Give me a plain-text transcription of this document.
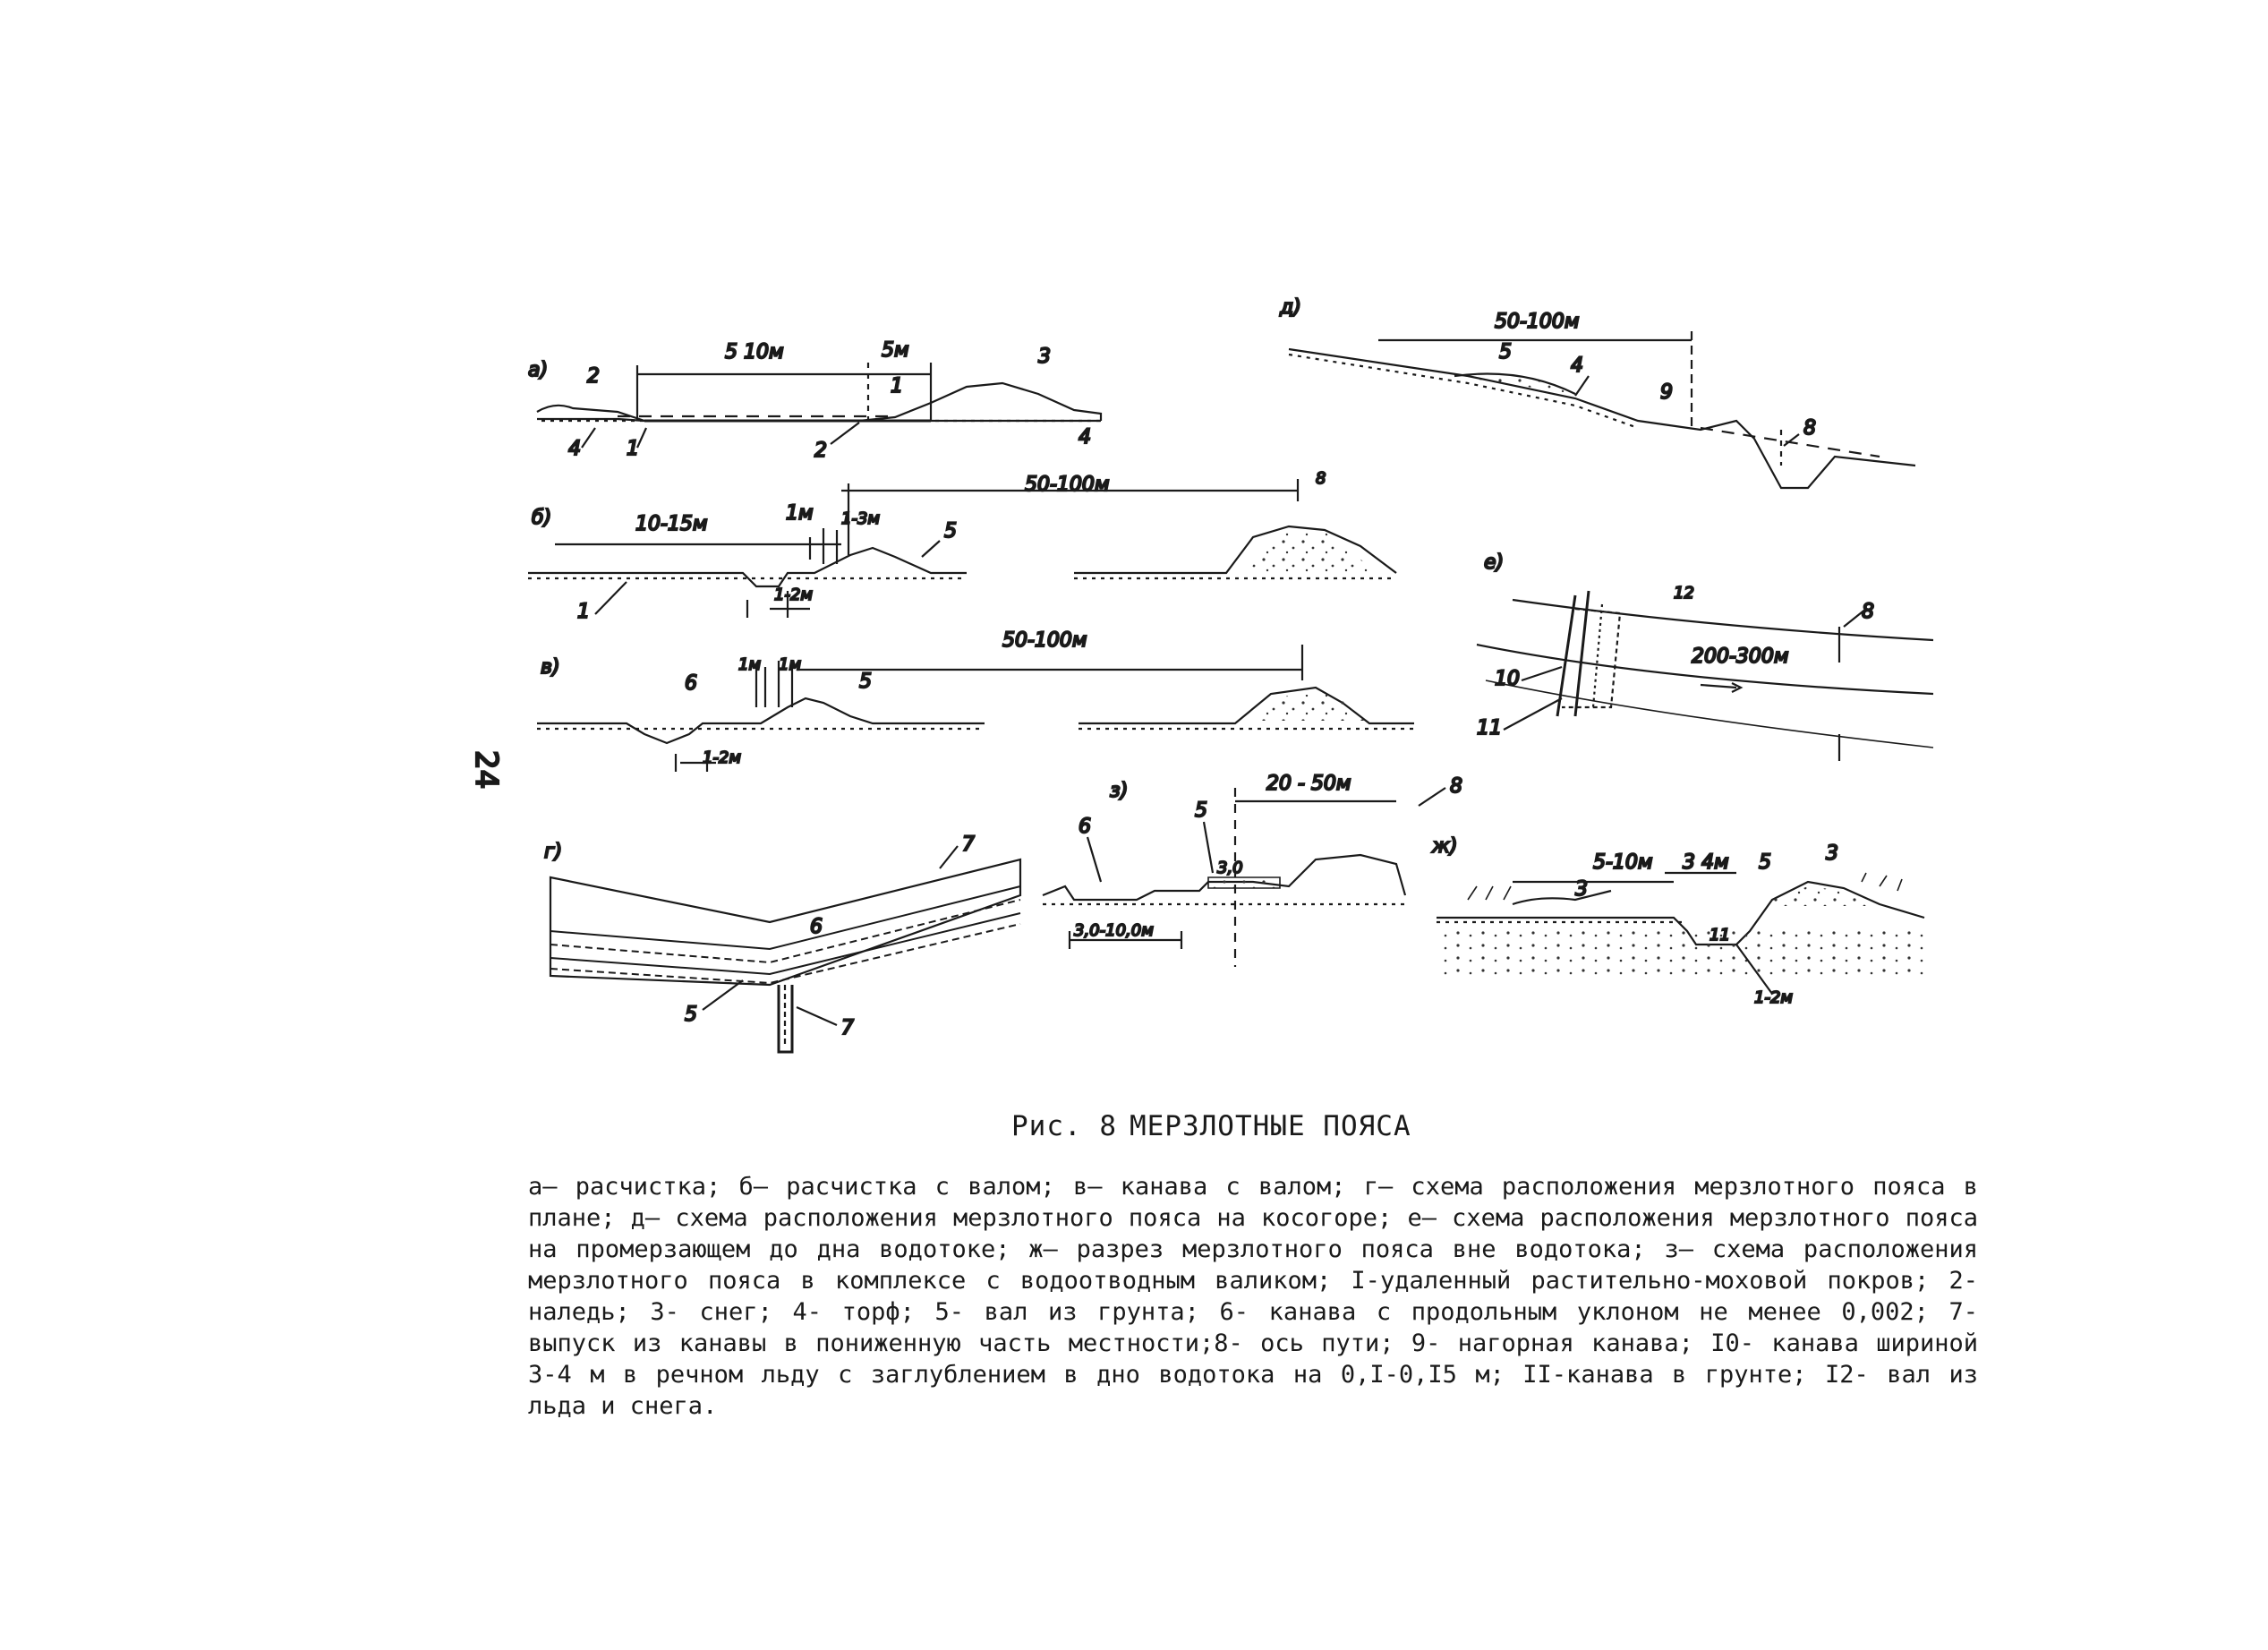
а)
5 10м	5м
2	1
3
4 1	2
4
б)	10-15м	1м 1-3м
50-100м
1-2м
5
1
8
в)	1м 1м
50-100м
1-2м
6	5
г)	7
6
5
7
д)
50-100м
5
4
9
8
е)
12
200-300м
8
10
11
з)	20 - 50м
3,0-10,0м
3,0
6
5
8
ж)
5-10м 3 4м
1-2м
3
5	3
11
24
Рис. 8 МЕРЗЛОТНЫЕ ПОЯСА
а– расчистка; б– расчистка с валом; в– канава с валом; г– схема расположения мерзлотного пояса в плане; д– схема расположения мерзлотного пояса на косогоре; е– схема расположения мерзлотного пояса на промерзающем до дна водотоке; ж– разрез мерзлотного пояса вне водотока; з– схема расположения мерзлотного пояса в комплексе с водоотводным валиком; I-удаленный растительно-моховой покров; 2- наледь; 3- снег; 4- торф; 5- вал из грунта; 6- канава с продольным уклоном не менее 0,002; 7- выпуск из канавы в пониженную часть местности;8- ось пути; 9- нагорная канава; I0- канава шириной 3-4 м в речном льду с заглублением в дно водотока на 0,I-0,I5 м; II-канава в грунте; I2- вал из льда и снега.
